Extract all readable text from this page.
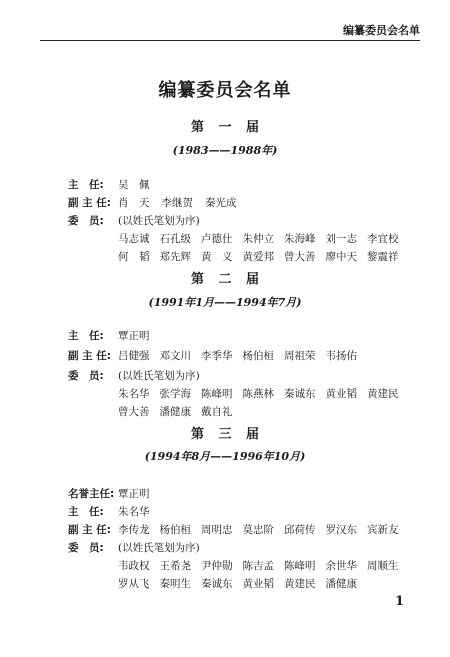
编纂委员会名单
编纂委员会名单
第 一 届
(1983——1988年)
主　任:	吴　佩
副 主 任: 肖　天 李继贺 秦光成
委　员:	(以姓氏笔划为序)
马志诚 石孔级 卢德仕 朱仲立 朱海峰 刘一志 李宜校
何　韬 郑先辉 黄　义 黄爱邦 曾大善 廖中天 黎震祥
第 二 届
(1991年1月——1994年7月)
主　任:	覃正明
副 主 任: 吕健强 邓文川 李季华 杨伯桓 周祖荣 韦扬佑
委　员:	(以姓氏笔划为序)
朱名华 张学海 陈峰明 陈燕林 秦诚东 黄业韬 黄建民
曾大善 潘健康 戴自礼
第 三 届
(1994年8月——1996年10月)
名誉主任: 覃正明
主　任:	朱名华
副 主 任: 李传龙 杨伯桓 周明忠 莫忠阶 邱荷传 罗汉东 宾新友
委　员:	(以姓氏笔划为序)
韦政权 王希尧 尹仲勋 陈吉孟 陈峰明 余世华 周顺生
罗从飞 秦明生 秦诚东 黄业韬 黄建民 潘健康
1
